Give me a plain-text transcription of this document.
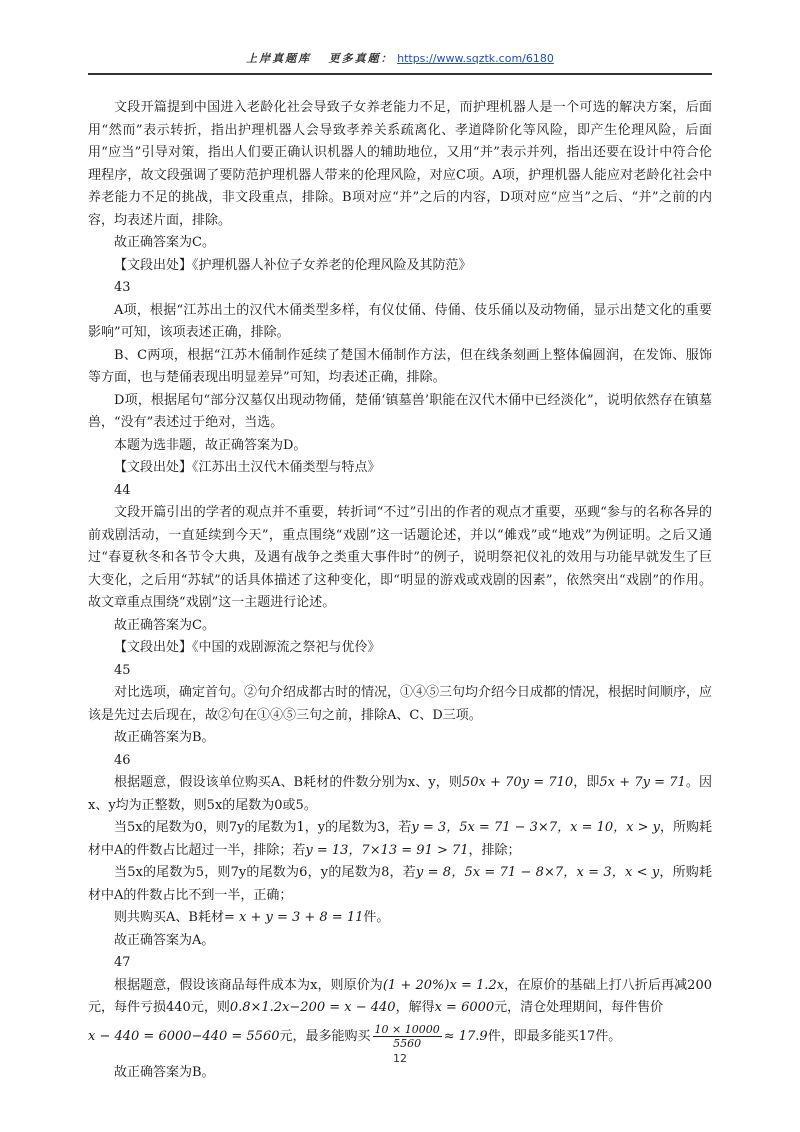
上岸真题库 更多真题： https://www.sqztk.com/6180

文段开篇提到中国进入老龄化社会导致子女养老能力不足，而护理机器人是一个可选的解决方案，后面用“然而”表示转折，指出护理机器人会导致孝养关系疏离化、孝道降阶化等风险，即产生伦理风险，后面用“应当”引导对策，指出人们要正确认识机器人的辅助地位，又用“并”表示并列，指出还要在设计中符合伦理程序，故文段强调了要防范护理机器人带来的伦理风险，对应C项。A项，护理机器人能应对老龄化社会中养老能力不足的挑战，非文段重点，排除。B项对应“并”之后的内容，D项对应“应当”之后、“并”之前的内容，均表述片面，排除。

故正确答案为C。

【文段出处】《护理机器人补位子女养老的伦理风险及其防范》

43

A项，根据“江苏出土的汉代木俑类型多样，有仪仗俑、侍俑、伎乐俑以及动物俑，显示出楚文化的重要影响”可知，该项表述正确，排除。

B、C两项，根据“江苏木俑制作延续了楚国木俑制作方法，但在线条刻画上整体偏圆润，在发饰、服饰等方面，也与楚俑表现出明显差异”可知，均表述正确，排除。

D项，根据尾句“部分汉墓仅出现动物俑，楚俑‘镇墓兽’职能在汉代木俑中已经淡化”，说明依然存在镇墓兽，“没有”表述过于绝对，当选。

本题为选非题，故正确答案为D。

【文段出处】《江苏出土汉代木俑类型与特点》

44

文段开篇引出的学者的观点并不重要，转折词“不过”引出的作者的观点才重要，巫觋“参与的名称各异的前戏剧活动，一直延续到今天”，重点围绕“戏剧”这一话题论述，并以“傩戏”或“地戏”为例证明。之后又通过“春夏秋冬和各节令大典，及遇有战争之类重大事件时”的例子，说明祭祀仪礼的效用与功能早就发生了巨大变化，之后用“苏轼”的话具体描述了这种变化，即“明显的游戏或戏剧的因素”，依然突出“戏剧”的作用。故文章重点围绕“戏剧”这一主题进行论述。

故正确答案为C。

【文段出处】《中国的戏剧源流之祭祀与优伶》

45

对比选项，确定首句。②句介绍成都古时的情况，①④⑤三句均介绍今日成都的情况，根据时间顺序，应该是先过去后现在，故②句在①④⑤三句之前，排除A、C、D三项。

故正确答案为B。

46

根据题意，假设该单位购买A、B耗材的件数分别为x、y，则50x + 70y = 710，即5x + 7y = 71。因x、y均为正整数，则5x的尾数为0或5。

当5x的尾数为0，则7y的尾数为1，y的尾数为3，若y = 3，5x = 71 − 3×7，x = 10，x > y，所购耗材中A的件数占比超过一半，排除；若y = 13，7×13 = 91 > 71，排除；

当5x的尾数为5，则7y的尾数为6，y的尾数为8，若y = 8，5x = 71 − 8×7，x = 3，x < y，所购耗材中A的件数占比不到一半，正确；

则共购买A、B耗材= x + y = 3 + 8 = 11件。

故正确答案为A。

47

根据题意，假设该商品每件成本为x，则原价为(1 + 20%)x = 1.2x，在原价的基础上打八折后再减200元，每件亏损440元，则0.8×1.2x−200 = x − 440，解得x = 6000元，清仓处理期间，每件售价

x − 440 = 6000−440 = 5560元，最多能购买 $\frac{10 \times 10000}{5560} \approx 17.9$件，即最多能买17件。

故正确答案为B。

12
